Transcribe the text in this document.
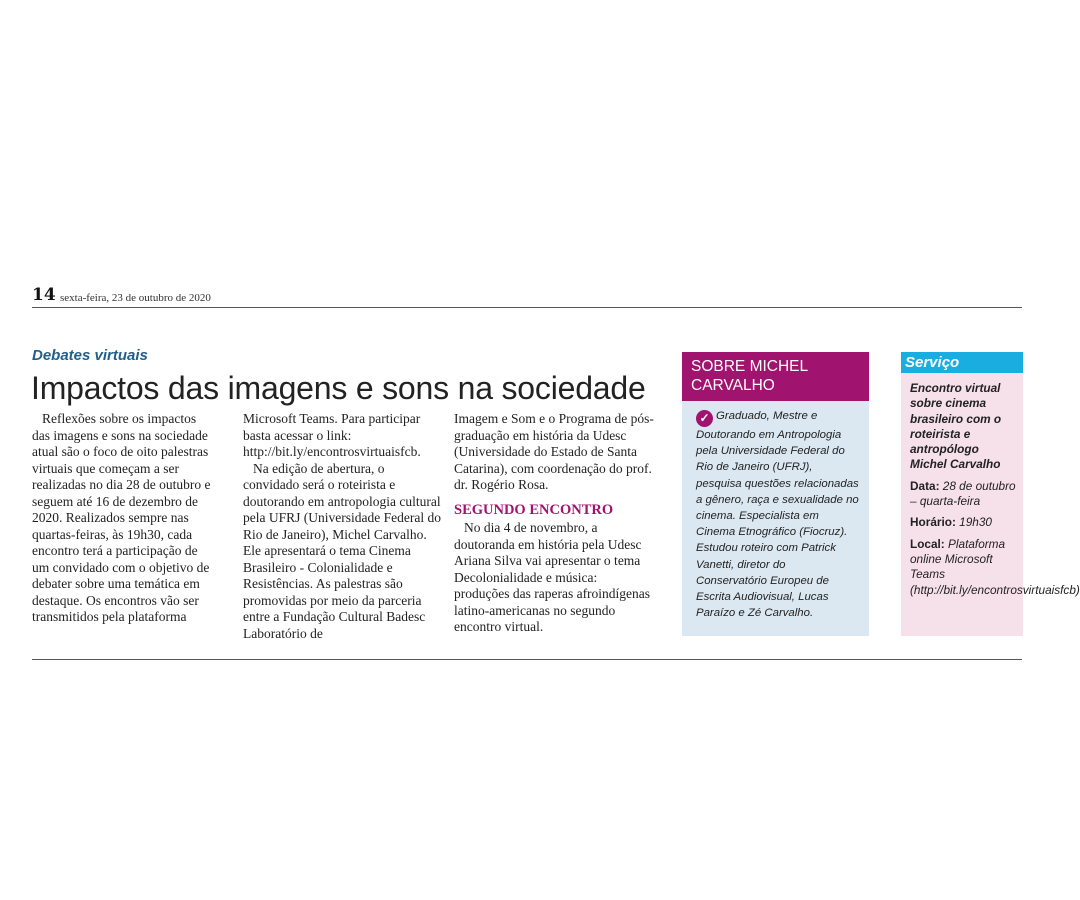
14 sexta-feira, 23 de outubro de 2020
Debates virtuais
Impactos das imagens e sons na sociedade

Reflexões sobre os impactos das imagens e sons na sociedade atual são o foco de oito palestras virtuais que começam a ser realizadas no dia 28 de outubro e seguem até 16 de dezembro de 2020. Realizados sempre nas quartas-feiras, às 19h30, cada encontro terá a participação de um convidado com o objetivo de debater sobre uma temática em destaque. Os encontros vão ser transmitidos pela plataforma

Microsoft Teams. Para participar basta acessar o link: http://bit.ly/encontrosvirtuaisfcb.

Na edição de abertura, o convidado será o roteirista e doutorando em antropologia cultural pela UFRJ (Universidade Federal do Rio de Janeiro), Michel Carvalho. Ele apresentará o tema Cinema Brasileiro - Colonialidade e Resistências. As palestras são promovidas por meio da parceria entre a Fundação Cultural Badesc Laboratório de

Imagem e Som e o Programa de pós-graduação em história da Udesc (Universidade do Estado de Santa Catarina), com coordenação do prof. dr. Rogério Rosa.

SEGUNDO ENCONTRO

No dia 4 de novembro, a doutoranda em história pela Udesc Ariana Silva vai apresentar o tema Decolonialidade e música: produções das raperas afroindígenas latino-americanas no segundo encontro virtual.

SOBRE MICHEL CARVALHO
✓ Graduado, Mestre e Doutorando em Antropologia pela Universidade Federal do Rio de Janeiro (UFRJ), pesquisa questões relacionadas a gênero, raça e sexualidade no cinema. Especialista em Cinema Etnográfico (Fiocruz). Estudou roteiro com Patrick Vanetti, diretor do Conservatório Europeu de Escrita Audiovisual, Lucas Paraízo e Zé Carvalho.
Serviço
Encontro virtual sobre cinema brasileiro com o roteirista e antropólogo Michel Carvalho
Data: 28 de outubro – quarta-feira
Horário: 19h30
Local: Plataforma online Microsoft Teams (http://bit.ly/encontrosvirtuaisfcb)
